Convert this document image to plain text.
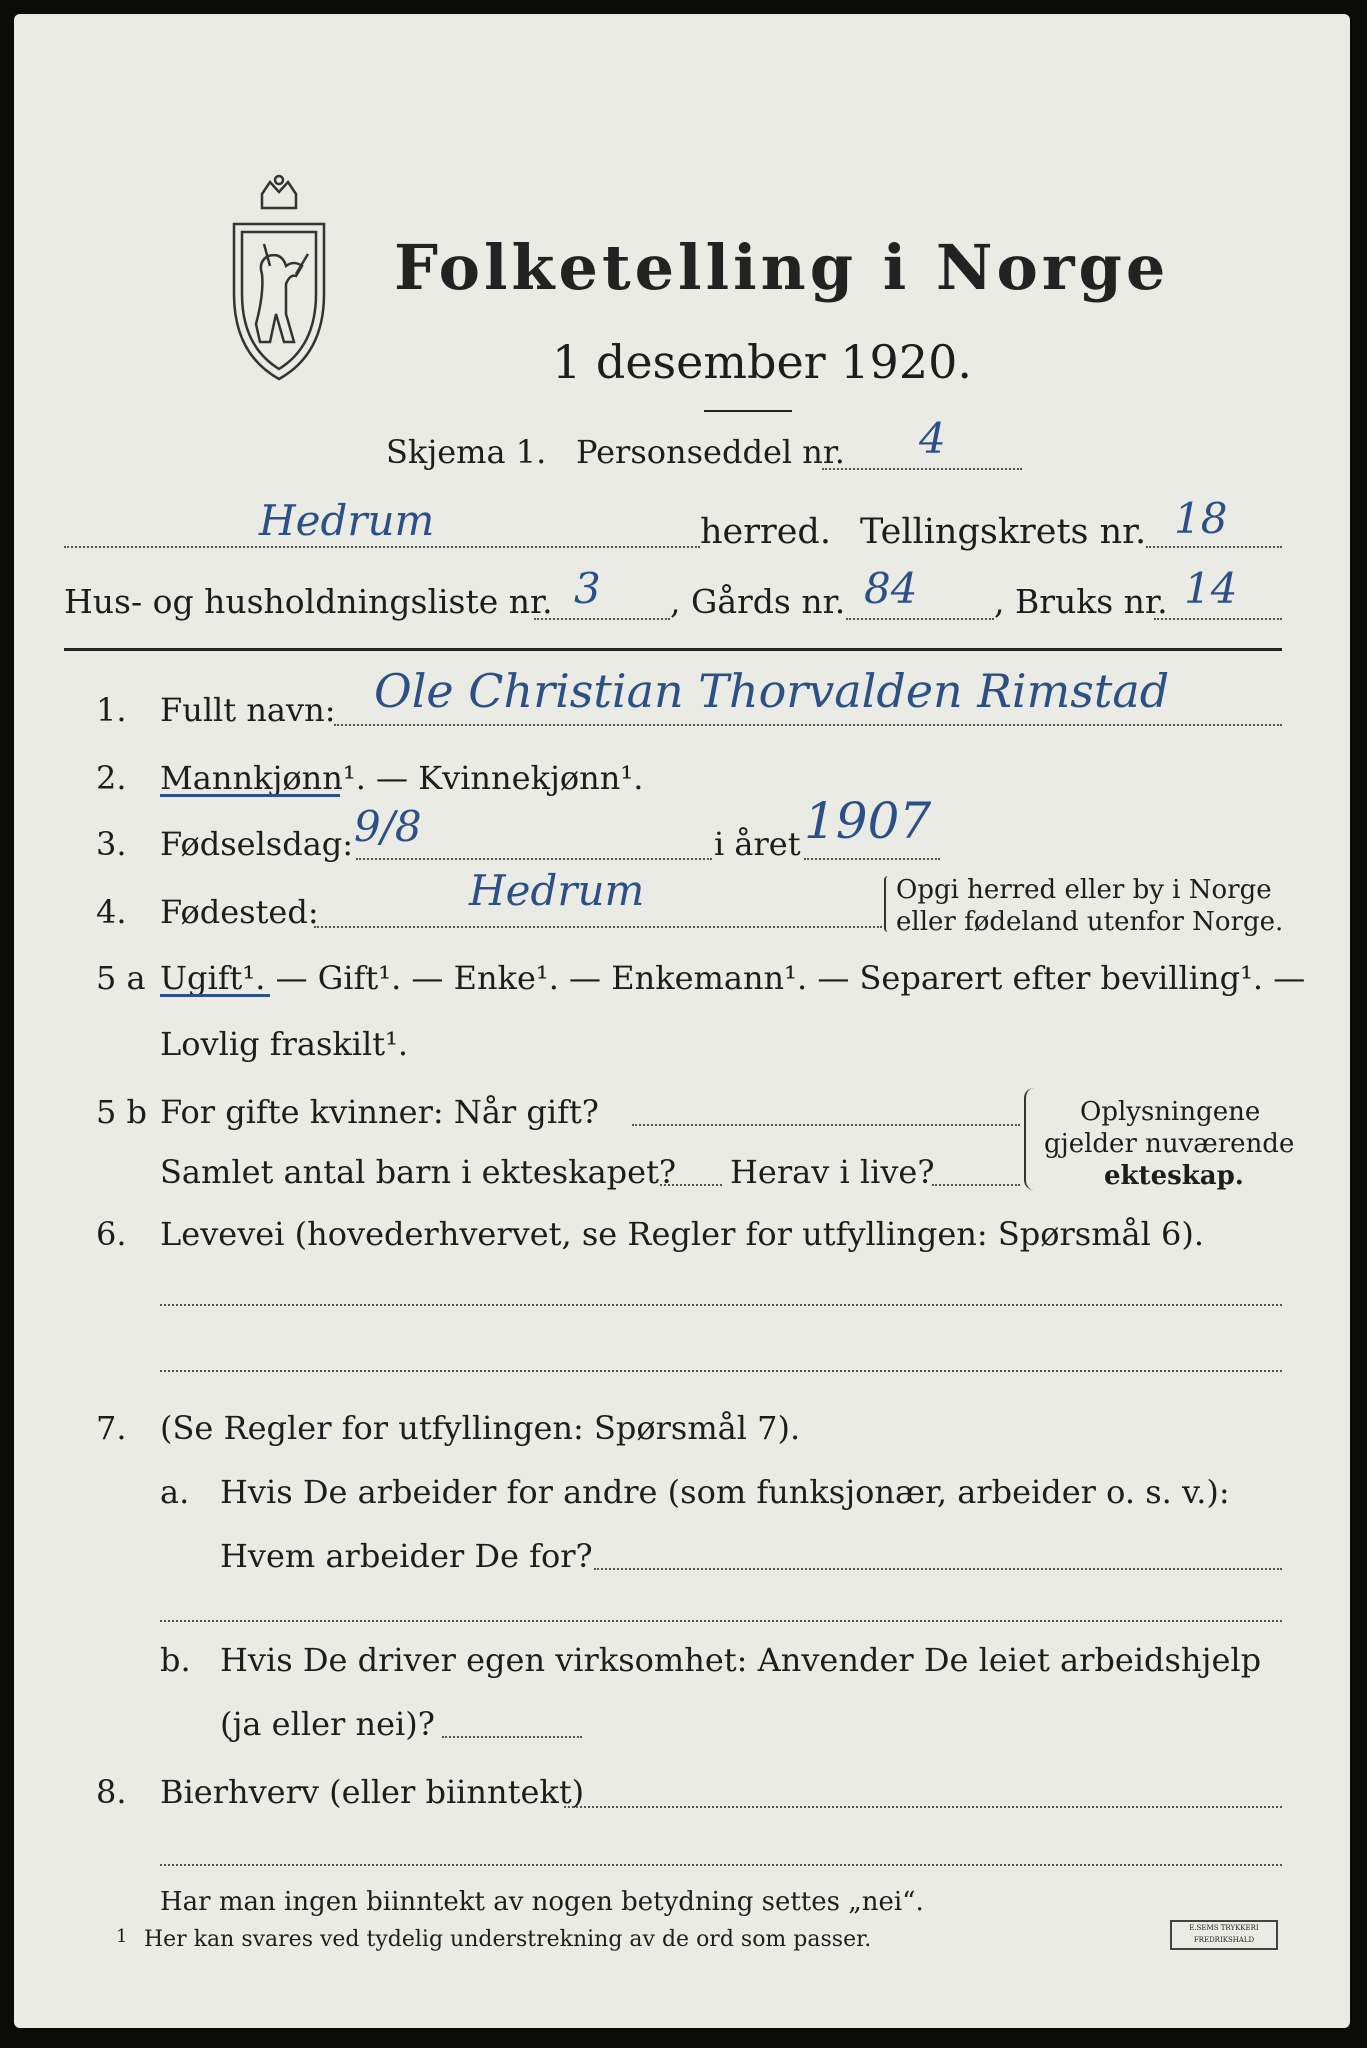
Folketelling i Norge
1 desember 1920.
Skjema 1. Personseddel nr. 4
Hedrum	herred. Tellingskrets nr. 18
Hus- og husholdningsliste nr. 3 , Gårds nr. 84 , Bruks nr. 14
1. Fullt navn: Ole Christian Thorvalden Rimstad
2. Mannkjønn¹. — Kvinnekjønn¹.
3. Fødselsdag: 9/8	i året 1907
4. Fødested:	Hedrum	Opgi herred eller by i Norge
eller fødeland utenfor Norge.
5 a Ugift¹. — Gift¹. — Enke¹. — Enkemann¹. — Separert efter bevilling¹. —
Lovlig fraskilt¹.
5 b For gifte kvinner: Når gift?
Samlet antal barn i ekteskapet? Herav i live?
Oplysningene
gjelder nuværende
ekteskap.
6. Levevei (hovederhvervet, se Regler for utfyllingen: Spørsmål 6).
7. (Se Regler for utfyllingen: Spørsmål 7).
a. Hvis De arbeider for andre (som funksjonær, arbeider o. s. v.):
Hvem arbeider De for?
b. Hvis De driver egen virksomhet: Anvender De leiet arbeidshjelp
(ja eller nei)?
8. Bierhverv (eller biinntekt)
Har man ingen biinntekt av nogen betydning settes „nei“.
1 Her kan svares ved tydelig understrekning av de ord som passer.	E.SEMS TRYKKERI FREDRIKSHALD
